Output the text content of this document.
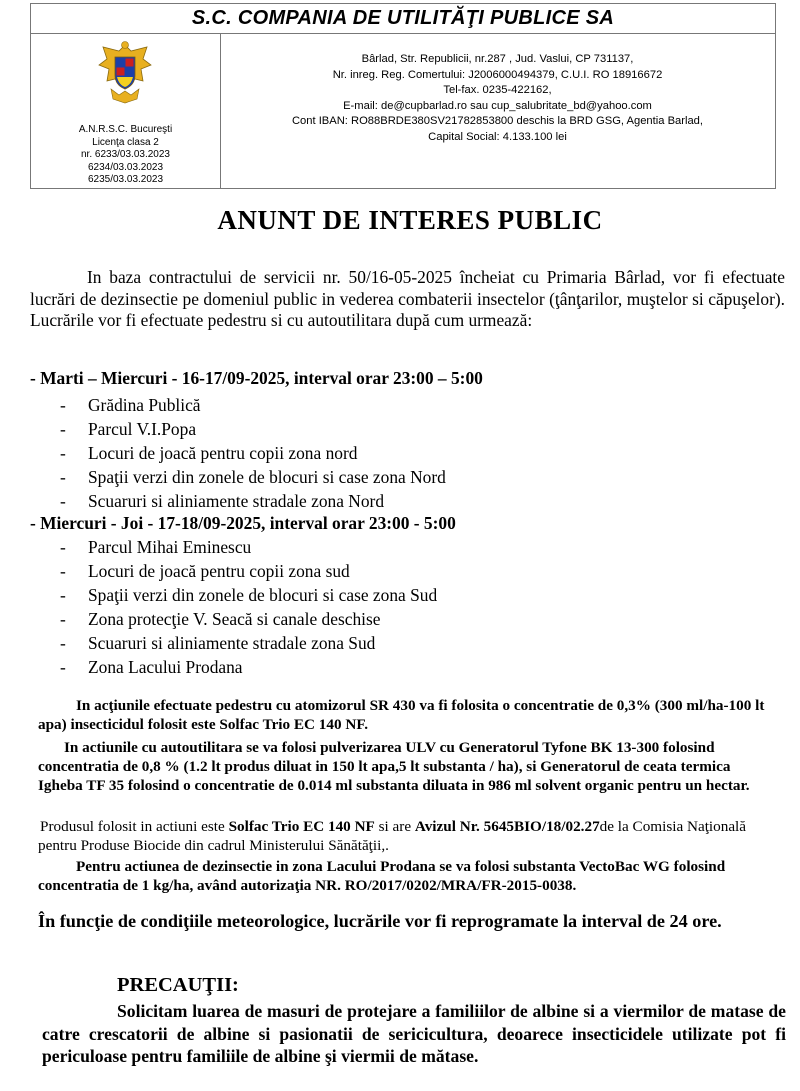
S.C. COMPANIA DE UTILITĂŢI PUBLICE SA
A.N.R.S.C. Bucureşti
Licenţa clasa 2
nr. 6233/03.03.2023
6234/03.03.2023
6235/03.03.2023
Bârlad, Str. Republicii, nr.287 , Jud. Vaslui, CP 731137,
Nr. inreg. Reg. Comertului: J2006000494379, C.U.I. RO 18916672
Tel-fax. 0235-422162,
E-mail: de@cupbarlad.ro sau cup_salubritate_bd@yahoo.com
Cont IBAN: RO88BRDE380SV21782853800 deschis la BRD GSG, Agentia Barlad,
Capital Social: 4.133.100 lei
ANUNT DE INTERES PUBLIC

In baza contractului de servicii nr. 50/16-05-2025 încheiat cu Primaria Bârlad, vor fi efectuate lucrări de dezinsectie pe domeniul public in vederea combaterii insectelor (ţânţarilor, muştelor si căpuşelor). Lucrările vor fi efectuate pedestru si cu autoutilitara după cum urmează:

- Marti – Miercuri - 16-17/09-2025, interval orar 23:00 – 5:00
- Grădina Publică
- Parcul V.I.Popa
- Locuri de joacă pentru copii zona nord
- Spaţii verzi din zonele de blocuri si case zona Nord
- Scuaruri si aliniamente stradale zona Nord
- Miercuri - Joi - 17-18/09-2025, interval orar 23:00 - 5:00
- Parcul Mihai Eminescu
- Locuri de joacă pentru copii zona sud
- Spaţii verzi din zonele de blocuri si case zona Sud
- Zona protecţie V. Seacă si canale deschise
- Scuaruri si aliniamente stradale zona Sud
- Zona Lacului Prodana

In acţiunile efectuate pedestru cu atomizorul SR 430 va fi folosita o concentratie de 0,3% (300 ml/ha-100 lt apa) insecticidul folosit este Solfac Trio EC 140 NF.

In actiunile cu autoutilitara se va folosi pulverizarea ULV cu Generatorul Tyfone BK 13-300 folosind concentratia de 0,8 % (1.2 lt produs diluat in 150 lt apa,5 lt substanta / ha), si Generatorul de ceata termica Igheba TF 35 folosind o concentratie de 0.014 ml substanta diluata in 986 ml solvent organic pentru un hectar.

Produsul folosit in actiuni este Solfac Trio EC 140 NF si are Avizul Nr. 5645BIO/18/02.27de la Comisia Naţională pentru Produse Biocide din cadrul Ministerului Sănătăţii,.

Pentru actiunea de dezinsectie in zona Lacului Prodana se va folosi substanta VectoBac WG folosind concentratia de 1 kg/ha, având autorizaţia NR. RO/2017/0202/MRA/FR-2015-0038.

În funcţie de condiţiile meteorologice, lucrările vor fi reprogramate la interval de 24 ore.

PRECAUŢII:

Solicitam luarea de masuri de protejare a familiilor de albine si a viermilor de matase de catre crescatorii de albine si pasionatii de sericicultura, deoarece insecticidele utilizate pot fi periculoase pentru familiile de albine şi viermii de mătase.
